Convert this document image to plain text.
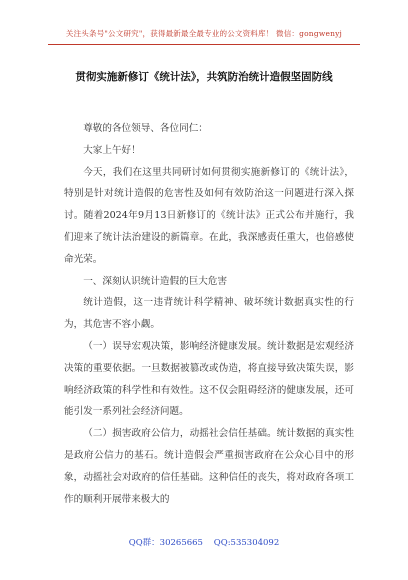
关注头条号"公文研究"，获得最新最全最专业的公文资料库！ 微信：gongwenyj
贯彻实施新修订《统计法》，共筑防治统计造假坚固防线

尊敬的各位领导、各位同仁：

大家上午好！

今天，我们在这里共同研讨如何贯彻实施新修订的《统计法》，特别是针对统计造假的危害性及如何有效防治这一问题进行深入探讨。随着2024年9月13日新修订的《统计法》正式公布并施行，我们迎来了统计法治建设的新篇章。在此，我深感责任重大，也倍感使命光荣。

一、深刻认识统计造假的巨大危害

统计造假，这一违背统计科学精神、破坏统计数据真实性的行为，其危害不容小觑。

（一）误导宏观决策，影响经济健康发展。统计数据是宏观经济决策的重要依据。一旦数据被篡改或伪造，将直接导致决策失误，影响经济政策的科学性和有效性。这不仅会阻碍经济的健康发展，还可能引发一系列社会经济问题。

（二）损害政府公信力，动摇社会信任基础。统计数据的真实性是政府公信力的基石。统计造假会严重损害政府在公众心目中的形象，动摇社会对政府的信任基础。这种信任的丧失，将对政府各项工作的顺利开展带来极大的

QQ群：30265665    QQ:535304092
